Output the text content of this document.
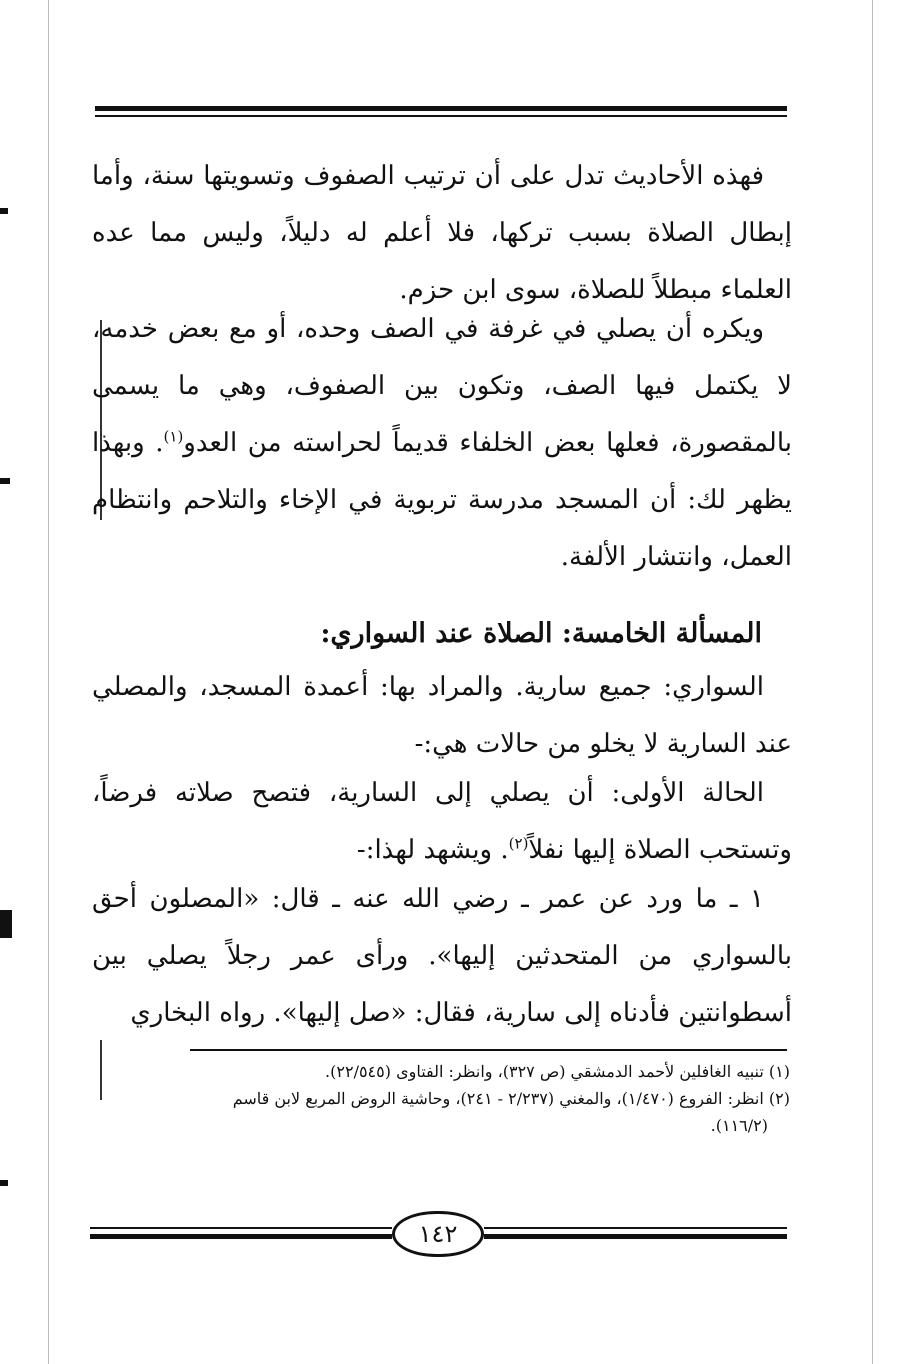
فهذه الأحاديث تدل على أن ترتيب الصفوف وتسويتها سنة، وأما إبطال الصلاة بسبب تركها، فلا أعلم له دليلاً، وليس مما عده العلماء مبطلاً للصلاة، سوى ابن حزم.

ويكره أن يصلي في غرفة في الصف وحده، أو مع بعض خدمه، لا يكتمل فيها الصف، وتكون بين الصفوف، وهي ما يسمى بالمقصورة، فعلها بعض الخلفاء قديماً لحراسته من العدو$^{(١)}$. وبهذا يظهر لك: أن المسجد مدرسة تربوية في الإخاء والتلاحم وانتظام العمل، وانتشار الألفة.

المسألة الخامسة: الصلاة عند السواري:

السواري: جميع سارية. والمراد بها: أعمدة المسجد، والمصلي عند السارية لا يخلو من حالات هي:-

الحالة الأولى: أن يصلي إلى السارية، فتصح صلاته فرضاً، وتستحب الصلاة إليها نفلاً$^{(٢)}$. ويشهد لهذا:-

١ ـ ما ورد عن عمر ـ رضي الله عنه ـ قال: «المصلون أحق بالسواري من المتحدثين إليها». ورأى عمر رجلاً يصلي بين أسطوانتين فأدناه إلى سارية، فقال: «صل إليها». رواه البخاري

(١) تنبيه الغافلين لأحمد الدمشقي (ص ٣٢٧)، وانظر: الفتاوى (٢٢/٥٤٥).

(٢) انظر: الفروع (١/٤٧٠)، والمغني (٢/٢٣٧ - ٢٤١)، وحاشية الروض المربع لابن قاسم

(١١٦/٢).

١٤٢
